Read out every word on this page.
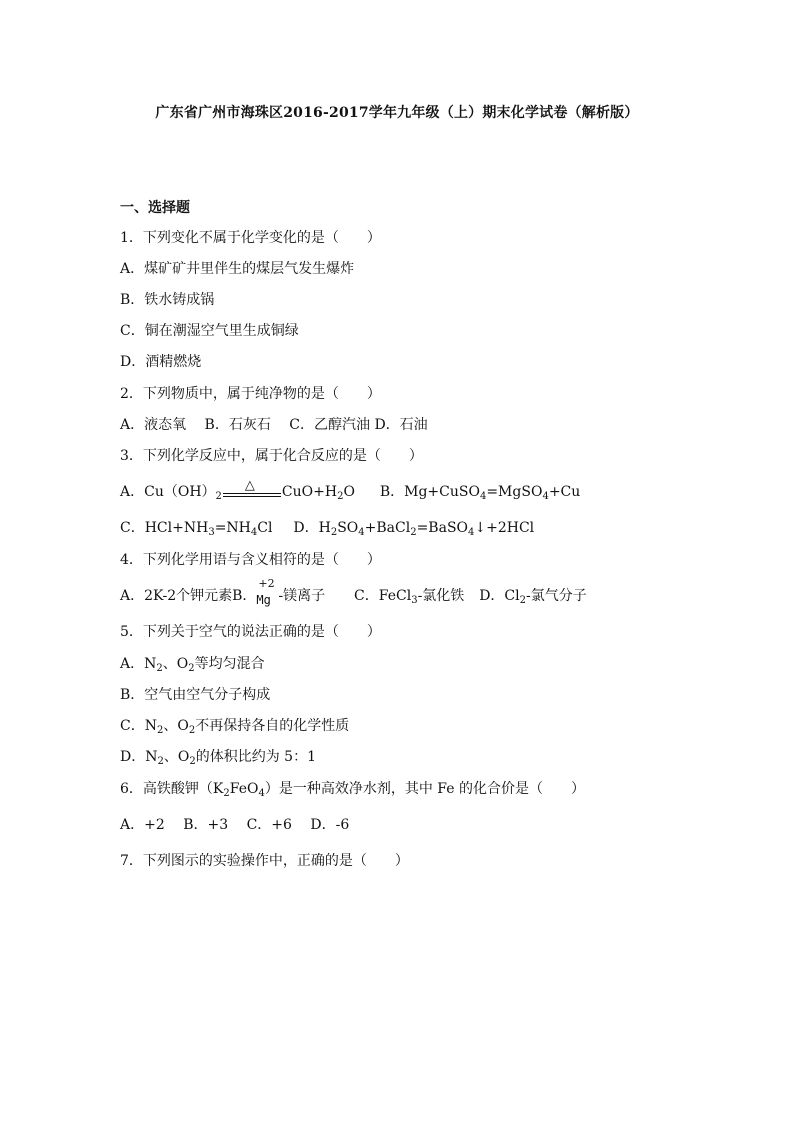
广东省广州市海珠区2016-2017学年九年级（上）期末化学试卷（解析版）
一、选择题
1．下列变化不属于化学变化的是（　　）
A．煤矿矿井里伴生的煤层气发生爆炸
B．铁水铸成锅
C．铜在潮湿空气里生成铜绿
D．酒精燃烧
2．下列物质中，属于纯净物的是（　　）
A．液态氧　 B．石灰石　 C．乙醇汽油 D．石油
3．下列化学反应中，属于化合反应的是（　　）
A．$Cu(OH)_2$
△ $CuO+H_2O$ B．Mg+CuSO$_4$=MgSO$_4$+Cu
C．$HCl+NH_3=NH_4Cl$ D．$H_2SO_4+BaCl_2=BaSO_4↓+2HCl$
4．下列化学用语与含义相符的是（　　）
A．2K-2个钾元素B．
+2
Mg -镁离子 C．FeCl$_3$-氯化铁 D．$Cl_2-$氯气分子
5．下列关于空气的说法正确的是（　　）
A．$N_2$、$O_2$等均匀混合
B．空气由空气分子构成
C．$N_2$、$O_2$不再保持各自的化学性质
D．$N_2$、$O_2$的体积比约为 5：1
6．高铁酸钾$(K_2FeO_4)$是一种高效净水剂，其中 Fe 的化合价是（　　）
A．+2　 B．+3　 C．+6　 D．-6
7．下列图示的实验操作中，正确的是（　　）
